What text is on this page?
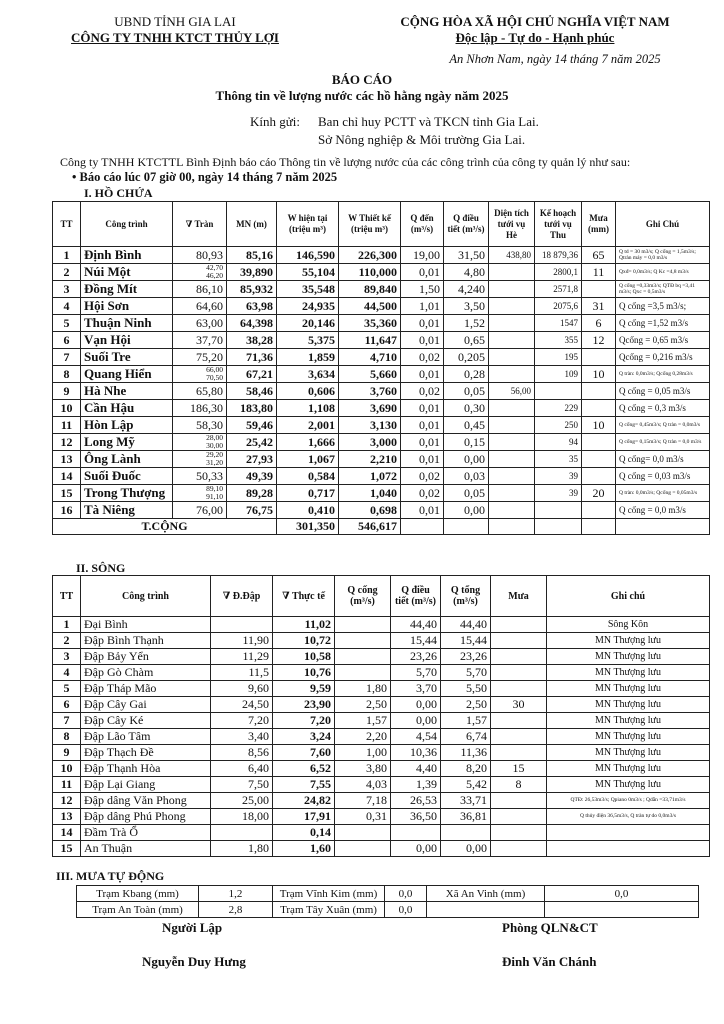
UBND TỈNH GIA LAI
CÔNG TY TNHH KTCT THỦY LỢI
CỘNG HÒA XÃ HỘI CHỦ NGHĨA VIỆT NAM
Độc lập - Tự do - Hạnh phúc
An Nhơn Nam, ngày 14 tháng 7 năm 2025
BÁO CÁO
Thông tin về lượng nước các hồ hằng ngày năm 2025
Kính gửi: Ban chỉ huy PCTT và TKCN tỉnh Gia Lai.
Sở Nông nghiệp & Môi trường Gia Lai.
Công ty TNHH KTCTTL Bình Định báo cáo Thông tin về lượng nước của các công trình của công ty quản lý như sau:
• Báo cáo lúc 07 giờ 00, ngày 14 tháng 7 năm 2025
I. HỒ CHỨA
TT	Công trình	∇ Tràn	MN (m)	W hiện tại (triệu m³)	W Thiết kế (triệu m³)	Q đến (m³/s)	Q điều tiết (m³/s)	Diện tích tưới vụ Hè	Kế hoạch tưới vụ Thu	Mưa (mm)	Ghi Chú
1	Định Bình	80,93	85,16	146,590	226,300	19,00	31,50	438,80	18 879,36	65	Q td = 30 m3/s; Q cống = 1,5m3/s; Qtràn máy = 0,0 m3/s
2	Núi Một	42,70
46,20	39,890	55,104	110,000	0,01	4,80		2800,1	11	Qxđ= 0,0m3/s; Q Kc =4,8 m3/s
3	Đồng Mít	86,10	85,932	35,548	89,840	1,50	4,240		2571,8		Q cống =0,33m3/s; QTĐ bq =3,41 m3/s; Qxc = 0,5m3/s
4	Hội Sơn	64,60	63,98	24,935	44,500	1,01	3,50		2075,6	31	Q cống =3,5 m3/s;
5	Thuận Ninh	63,00	64,398	20,146	35,360	0,01	1,52		1547	6	Q cống =1,52 m3/s
6	Vạn Hội	37,70	38,28	5,375	11,647	0,01	0,65		355	12	Qcống = 0,65 m3/s
7	Suối Tre	75,20	71,36	1,859	4,710	0,02	0,205		195		Qcống = 0,216 m3/s
8	Quang Hiển	66,00
70,50	67,21	3,634	5,660	0,01	0,28		109	10	Q tràn: 0,0m3/s; Qcống 0,28m3/s
9	Hà Nhe	65,80	58,46	0,606	3,760	0,02	0,05	56,00			Q cống = 0,05 m3/s
10	Cần Hậu	186,30	183,80	1,108	3,690	0,01	0,30		229		Q cống = 0,3 m3/s
11	Hòn Lập	58,30	59,46	2,001	3,130	0,01	0,45		250	10	Q cống= 0,45m3/s; Q tràn = 0,0m3/s
12	Long Mỹ	28,00
30,00	25,42	1,666	3,000	0,01	0,15		94		Q cống= 0,15m3/s; Q tràn = 0,0 m3/s
13	Ông Lành	29,20
31,20	27,93	1,067	2,210	0,01	0,00		35		Q cống= 0,0 m3/s
14	Suối Đuốc	50,33	49,39	0,584	1,072	0,02	0,03		39		Q cống = 0,03 m3/s
15	Trong Thượng	89,10
91,10	89,28	0,717	1,040	0,02	0,05		39	20	Q tràn: 0,0m3/s; Qcống = 0,05m3/s
16	Tà Niêng	76,00	76,75	0,410	0,698	0,01	0,00				Q cống = 0,0 m3/s
T.CỘNG				301,350	546,617						
II. SÔNG
TT	Công trình	∇ Đ.Đập	∇ Thực tế	Q cống (m³/s)	Q điều tiết (m³/s)	Q tổng (m³/s)	Mưa	Ghi chú
1	Đại Bình		11,02		44,40	44,40		Sông Kôn
2	Đập Bình Thạnh	11,90	10,72		15,44	15,44		MN Thượng lưu
3	Đập Bảy Yển	11,29	10,58		23,26	23,26		MN Thượng lưu
4	Đập Gò Chàm	11,5	10,76		5,70	5,70		MN Thượng lưu
5	Đập Tháp Mão	9,60	9,59	1,80	3,70	5,50		MN Thượng lưu
6	Đập Cây Gai	24,50	23,90	2,50	0,00	2,50	30	MN Thượng lưu
7	Đập Cây Ké	7,20	7,20	1,57	0,00	1,57		MN Thượng lưu
8	Đập Lão Tâm	3,40	3,24	2,20	4,54	6,74		MN Thượng lưu
9	Đập Thạch Đề	8,56	7,60	1,00	10,36	11,36		MN Thượng lưu
10	Đập Thạnh Hòa	6,40	6,52	3,80	4,40	8,20	15	MN Thượng lưu
11	Đập Lại Giang	7,50	7,55	4,03	1,39	5,42	8	MN Thượng lưu
12	Đập dâng Văn Phong	25,00	24,82	7,18	26,53	33,71		QTĐ: 26,53m3/s; Qpiano 0m3/s ; Qdẫn =33,71m3/s
13	Đập dâng Phú Phong	18,00	17,91	0,31	36,50	36,81		Q thủy điện 36,5m3/s, Q tràn tự do 0,0m3/s
14	Đầm Trà Ổ		0,14					
15	An Thuận	1,80	1,60		0,00	0,00		
III. MƯA TỰ ĐỘNG
Trạm Kbang (mm)	1,2	Trạm Vĩnh Kim (mm)	0,0	Xã An Vinh (mm)	0,0
Trạm An Toàn (mm)	2,8	Trạm Tây Xuân (mm)	0,0		
Người Lập	Phòng QLN&CT
Nguyễn Duy Hưng	Đinh Văn Chánh
